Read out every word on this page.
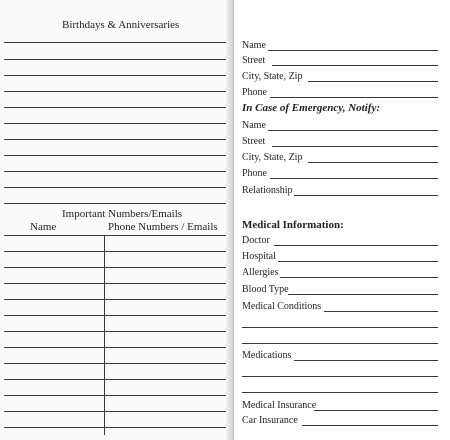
Birthdays & Anniversaries
Important Numbers/Emails
Name	Phone Numbers / Emails
Name
Street
City, State, Zip
Phone
In Case of Emergency, Notify:
Name
Street
City, State, Zip
Phone
Relationship
Medical Information:
Doctor
Hospital
Allergies
Blood Type
Medical Conditions
Medications
Medical Insurance
Car Insurance
